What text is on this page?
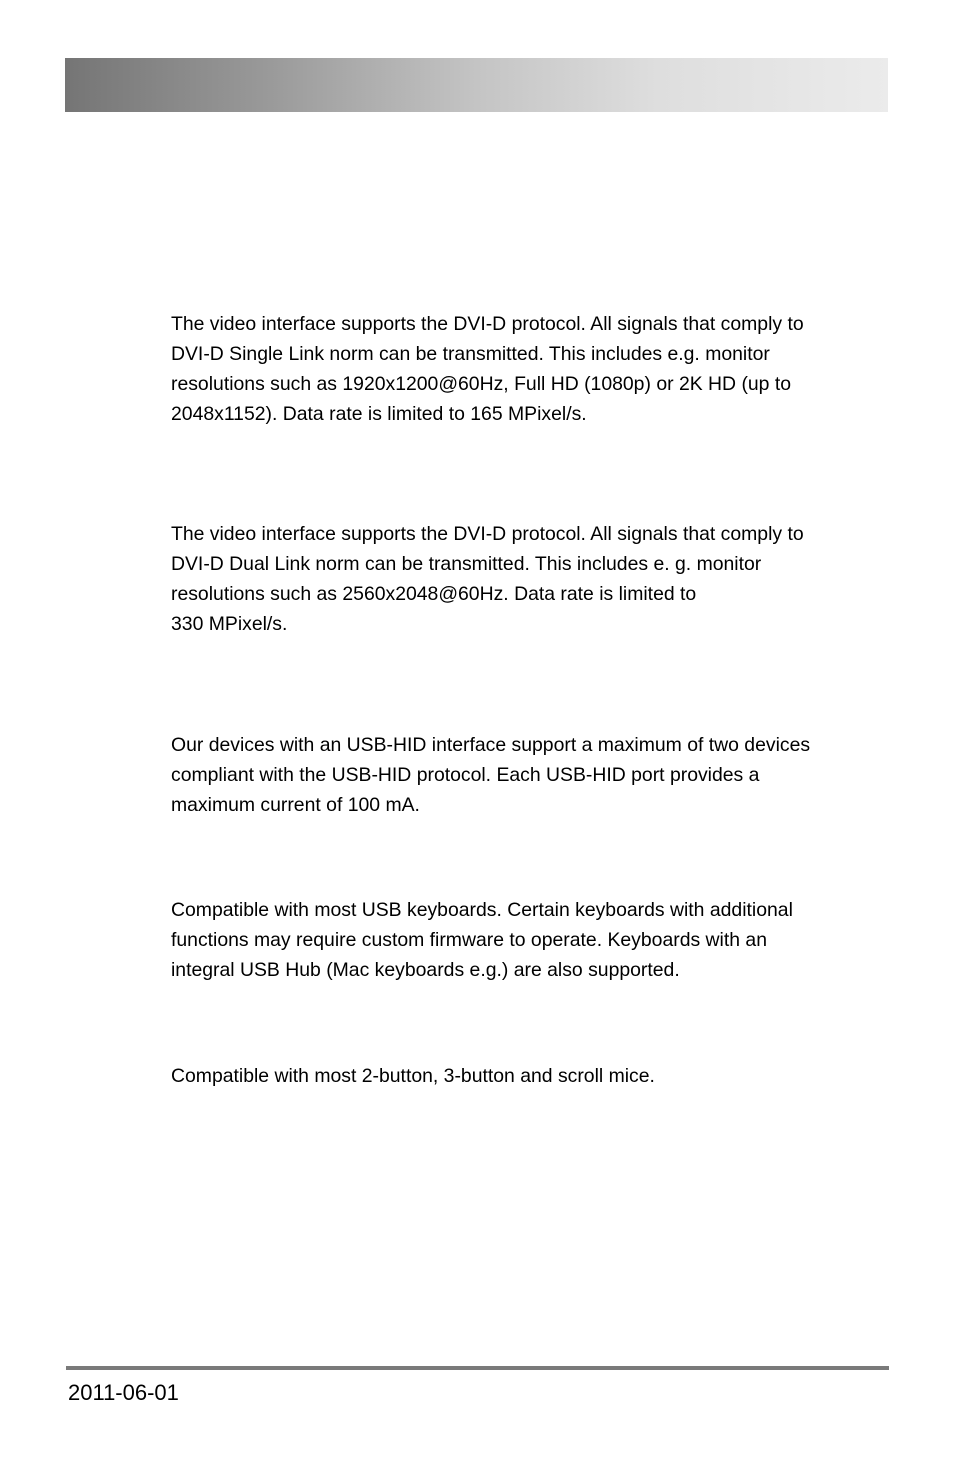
The video interface supports the DVI-D protocol. All signals that comply to
DVI-D Single Link norm can be transmitted. This includes e.g. monitor
resolutions such as 1920x1200@60Hz, Full HD (1080p) or 2K HD (up to
2048x1152). Data rate is limited to 165 MPixel/s.

The video interface supports the DVI-D protocol. All signals that comply to
DVI-D Dual Link norm can be transmitted. This includes e. g. monitor
resolutions such as 2560x2048@60Hz. Data rate is limited to
330 MPixel/s.

Our devices with an USB-HID interface support a maximum of two devices
compliant with the USB-HID protocol. Each USB-HID port provides a
maximum current of 100 mA.

Compatible with most USB keyboards. Certain keyboards with additional
functions may require custom firmware to operate. Keyboards with an
integral USB Hub (Mac keyboards e.g.) are also supported.

Compatible with most 2-button, 3-button and scroll mice.

2011-06-01
